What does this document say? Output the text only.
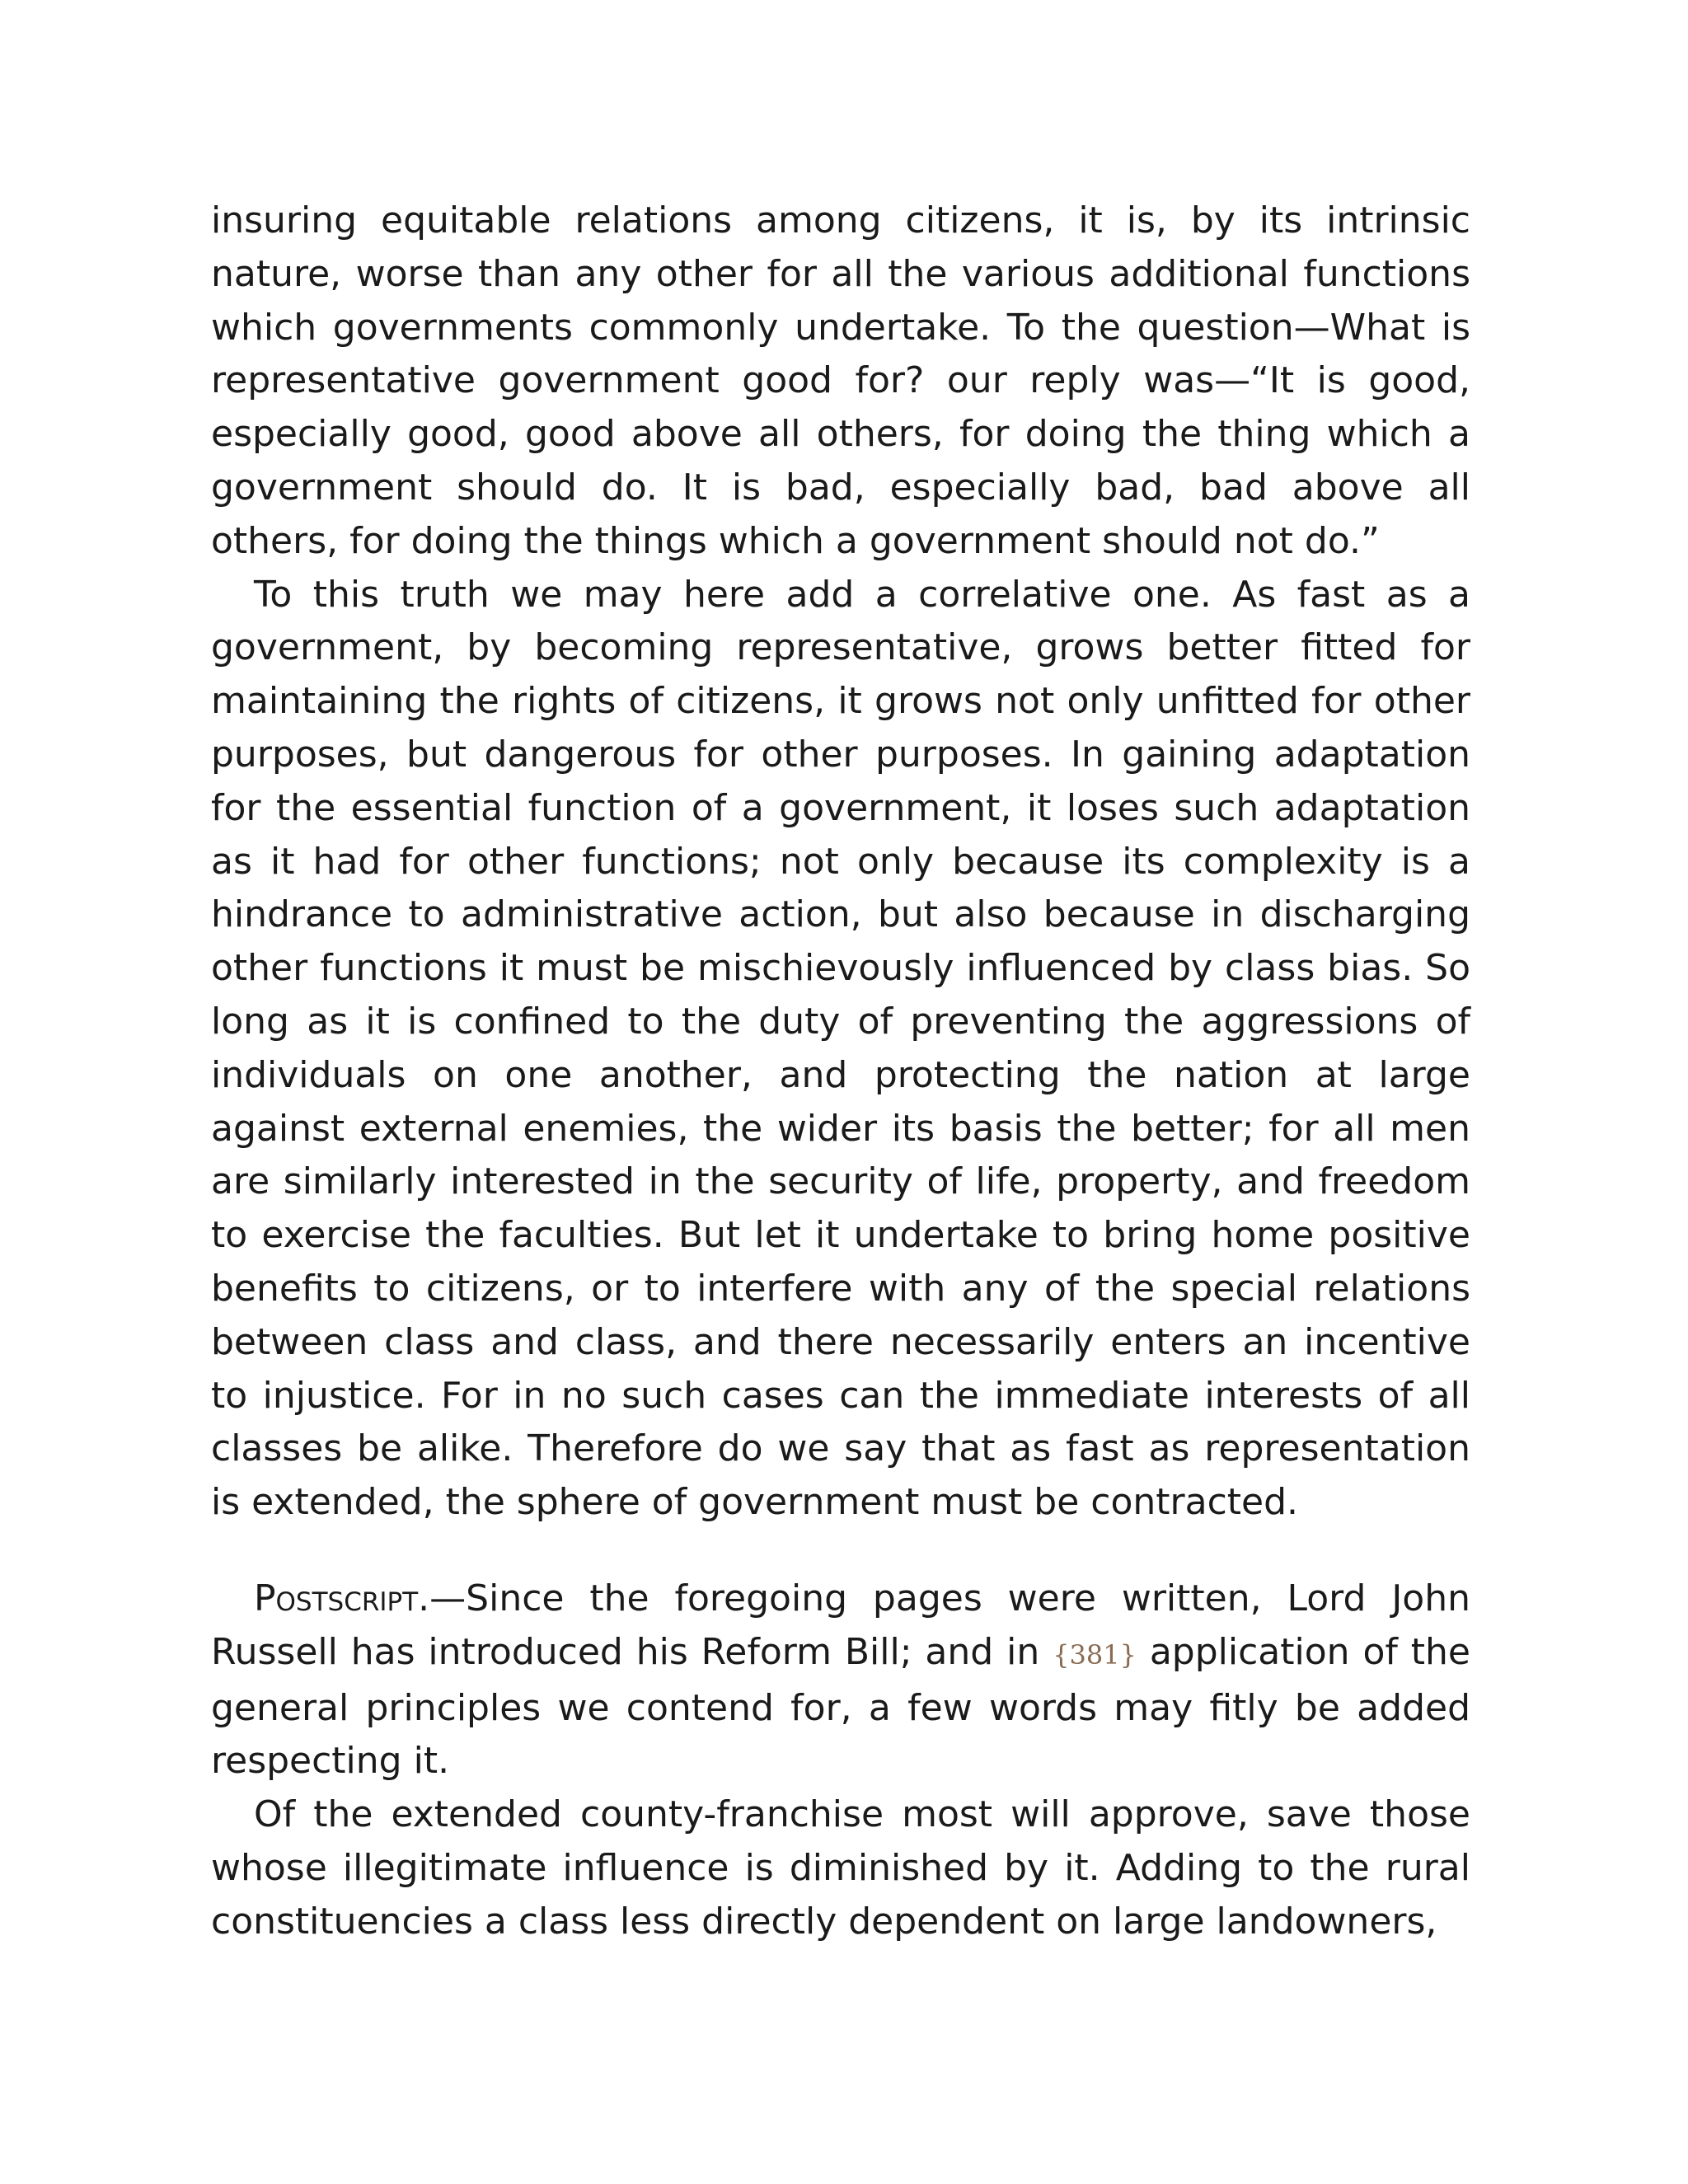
insuring equitable relations among citizens, it is, by its intrinsic nature, worse than any other for all the various additional functions which governments commonly undertake. To the question—What is representative government good for? our reply was—“It is good, especially good, good above all others, for doing the thing which a government should do. It is bad, especially bad, bad above all others, for doing the things which a government should not do.”

To this truth we may here add a correlative one. As fast as a government, by becoming representative, grows better fitted for maintaining the rights of citizens, it grows not only unfitted for other purposes, but dangerous for other purposes. In gaining adaptation for the essential function of a government, it loses such adaptation as it had for other functions; not only because its complexity is a hindrance to administrative action, but also because in discharging other functions it must be mischievously influenced by class bias. So long as it is confined to the duty of preventing the aggressions of individuals on one another, and protecting the nation at large against external enemies, the wider its basis the better; for all men are similarly interested in the security of life, property, and freedom to exercise the faculties. But let it undertake to bring home positive benefits to citizens, or to interfere with any of the special relations between class and class, and there necessarily enters an incentive to injustice. For in no such cases can the immediate interests of all classes be alike. Therefore do we say that as fast as representation is extended, the sphere of government must be contracted.

Postscript.—Since the foregoing pages were written, Lord John Russell has introduced his Reform Bill; and in {381} application of the general principles we contend for, a few words may fitly be added respecting it.

Of the extended county-franchise most will approve, save those whose illegitimate influence is diminished by it. Adding to the rural constituencies a class less directly dependent on large landowners,
